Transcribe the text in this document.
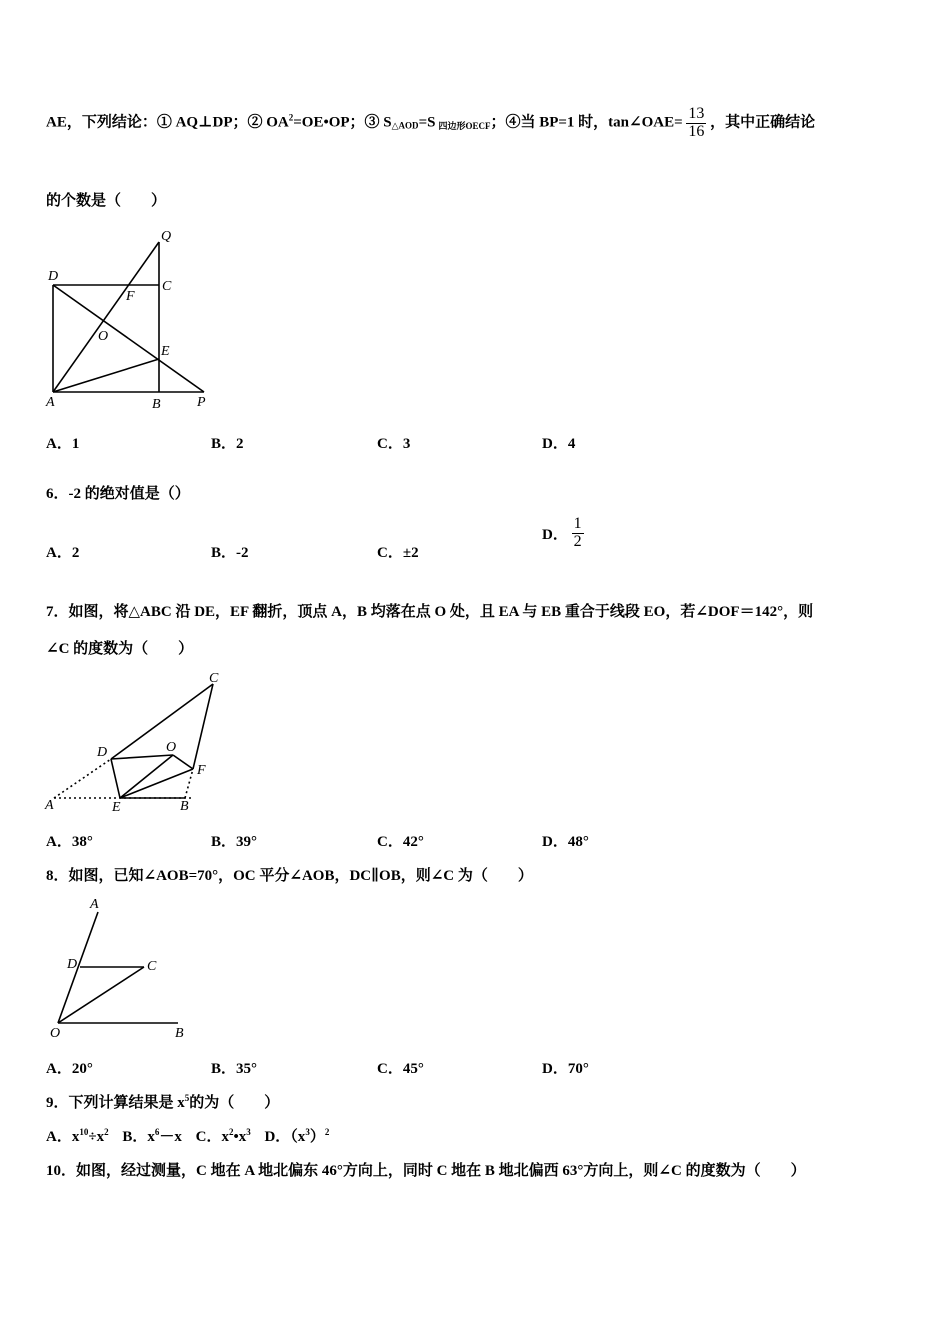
AE，下列结论：① AQ⊥DP；② $OA^2=OE•OP$；③ $S_{\triangle AOD}=S$ $_{四边形OECF}$；④当 BP=1 时，tan∠OAE= $\frac{13}{16}$ ，其中正确结论
的个数是（　　）
Q
D
C
F
O
E
A	B	P
A．1	B．2	C．3	D．4
6．-2 的绝对值是（）
A．2	B．-2	C．±2
D． $\frac{1}{2}$
7．如图，将△ABC 沿 DE，EF 翻折，顶点 A，B 均落在点 O 处，且 EA 与 EB 重合于线段 EO，若∠DOF＝142°，则
∠C 的度数为（　　）
C
D	O
F
A	E	B
A．38°	B．39°	C．42°	D．48°
8．如图，已知∠AOB=70°，OC 平分∠AOB，DC∥OB，则∠C 为（　　）
A
D	C
O	B
A．20°	B．35°	C．45°	D．70°
9．下列计算结果是 $x^5$的为（　　）
A．$x^{10}\div x^2$ B．$x^6-x$ C．$x^2•x^3$ D．$(x^3)^2$
10．如图，经过测量，C 地在 A 地北偏东 46°方向上，同时 C 地在 B 地北偏西 63°方向上，则∠C 的度数为（　　）
